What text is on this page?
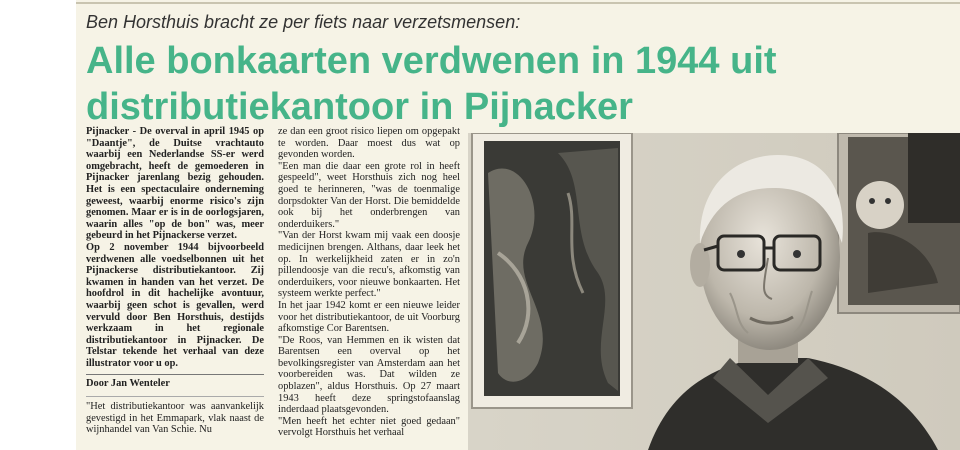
Ben Horsthuis bracht ze per fiets naar verzetsmensen:
Alle bonkaarten verdwenen in 1944 uit
distributiekantoor in Pijnacker

Pijnacker - De overval in april 1945 op "Daantje", de Duitse vrachtauto waarbij een Nederlandse SS-er werd omgebracht, heeft de gemoederen in Pijnacker jarenlang bezig gehouden. Het is een spectaculaire onderneming geweest, waarbij enorme risico's zijn genomen. Maar er is in de oorlogsjaren, waarin alles "op de bon" was, meer gebeurd in het Pijnackerse verzet.

Op 2 november 1944 bijvoorbeeld verdwenen alle voedselbonnen uit het Pijnackerse distributiekantoor. Zij kwamen in handen van het verzet. De hoofdrol in dit hachelijke avontuur, waarbij geen schot is gevallen, werd vervuld door Ben Horsthuis, destijds werkzaam in het regionale distributiekantoor in Pijnacker. De Telstar tekende het verhaal van deze illustrator voor u op.

Door Jan Wenteler

"Het distributiekantoor was aanvankelijk gevestigd in het Emmapark, vlak naast de wijnhandel van Van Schie. Nu

ze dan een groot risico liepen om opgepakt te worden. Daar moest dus wat op gevonden worden.

"Een man die daar een grote rol in heeft gespeeld", weet Horsthuis zich nog heel goed te herinneren, "was de toenmalige dorpsdokter Van der Horst. Die bemiddelde ook bij het onderbrengen van onderduikers."

"Van der Horst kwam mij vaak een doosje medicijnen brengen. Althans, daar leek het op. In werkelijkheid zaten er in zo'n pillendoosje van die recu's, afkomstig van onderduikers, voor nieuwe bonkaarten. Het systeem werkte perfect."

In het jaar 1942 komt er een nieuwe leider voor het distributiekantoor, de uit Voorburg afkomstige Cor Barentsen.

"De Roos, van Hemmen en ik wisten dat Barentsen een overval op het bevolkingsregister van Amsterdam aan het voorbereiden was. Dat wilden ze opblazen", aldus Horsthuis. Op 27 maart 1943 heeft deze springstofaanslag inderdaad plaatsgevonden.

"Men heeft het echter niet goed gedaan" vervolgt Horsthuis het verhaal
